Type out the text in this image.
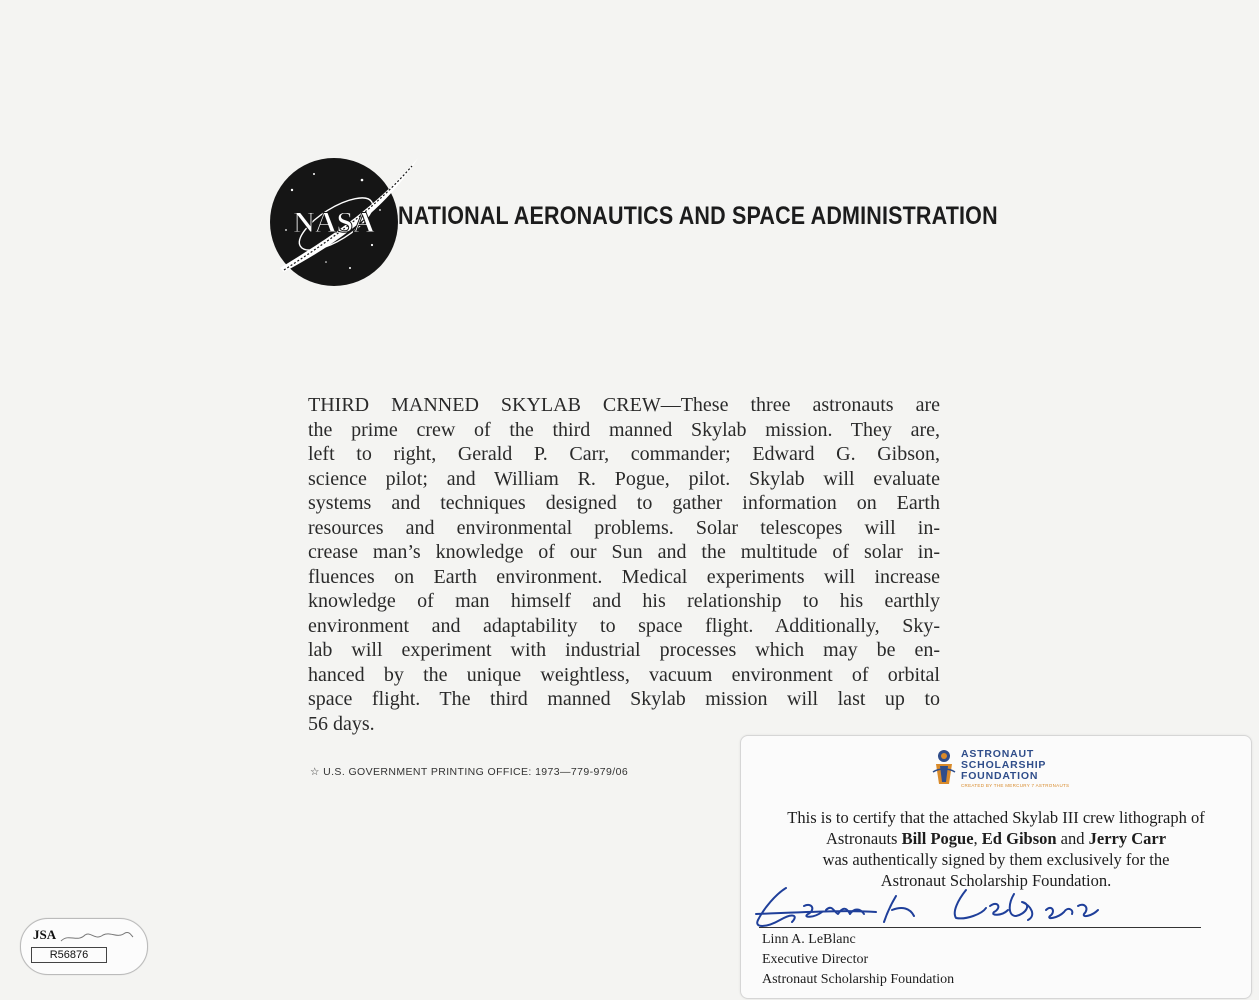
NASA NATIONAL AERONAUTICS AND SPACE ADMINISTRATION
THIRD MANNED SKYLAB CREW—These three astronauts are
the prime crew of the third manned Skylab mission. They are,
left to right, Gerald P. Carr, commander; Edward G. Gibson,
science pilot; and William R. Pogue, pilot. Skylab will evaluate
systems and techniques designed to gather information on Earth
resources and environmental problems. Solar telescopes will in-
crease man’s knowledge of our Sun and the multitude of solar in-
fluences on Earth environment. Medical experiments will increase
knowledge of man himself and his relationship to his earthly
environment and adaptability to space flight. Additionally, Sky-
lab will experiment with industrial processes which may be en-
hanced by the unique weightless, vacuum environment of orbital
space flight. The third manned Skylab mission will last up to
56 days.
☆ U.S. GOVERNMENT PRINTING OFFICE: 1973—779-979/06
ASTRONAUT
SCHOLARSHIP
FOUNDATION
CREATED BY THE MERCURY 7 ASTRONAUTS
This is to certify that the attached Skylab III crew lithograph of
Astronauts Bill Pogue, Ed Gibson and Jerry Carr
was authentically signed by them exclusively for the
Astronaut Scholarship Foundation.
Linn A. LeBlanc
Executive Director
Astronaut Scholarship Foundation
JSA
R56876
